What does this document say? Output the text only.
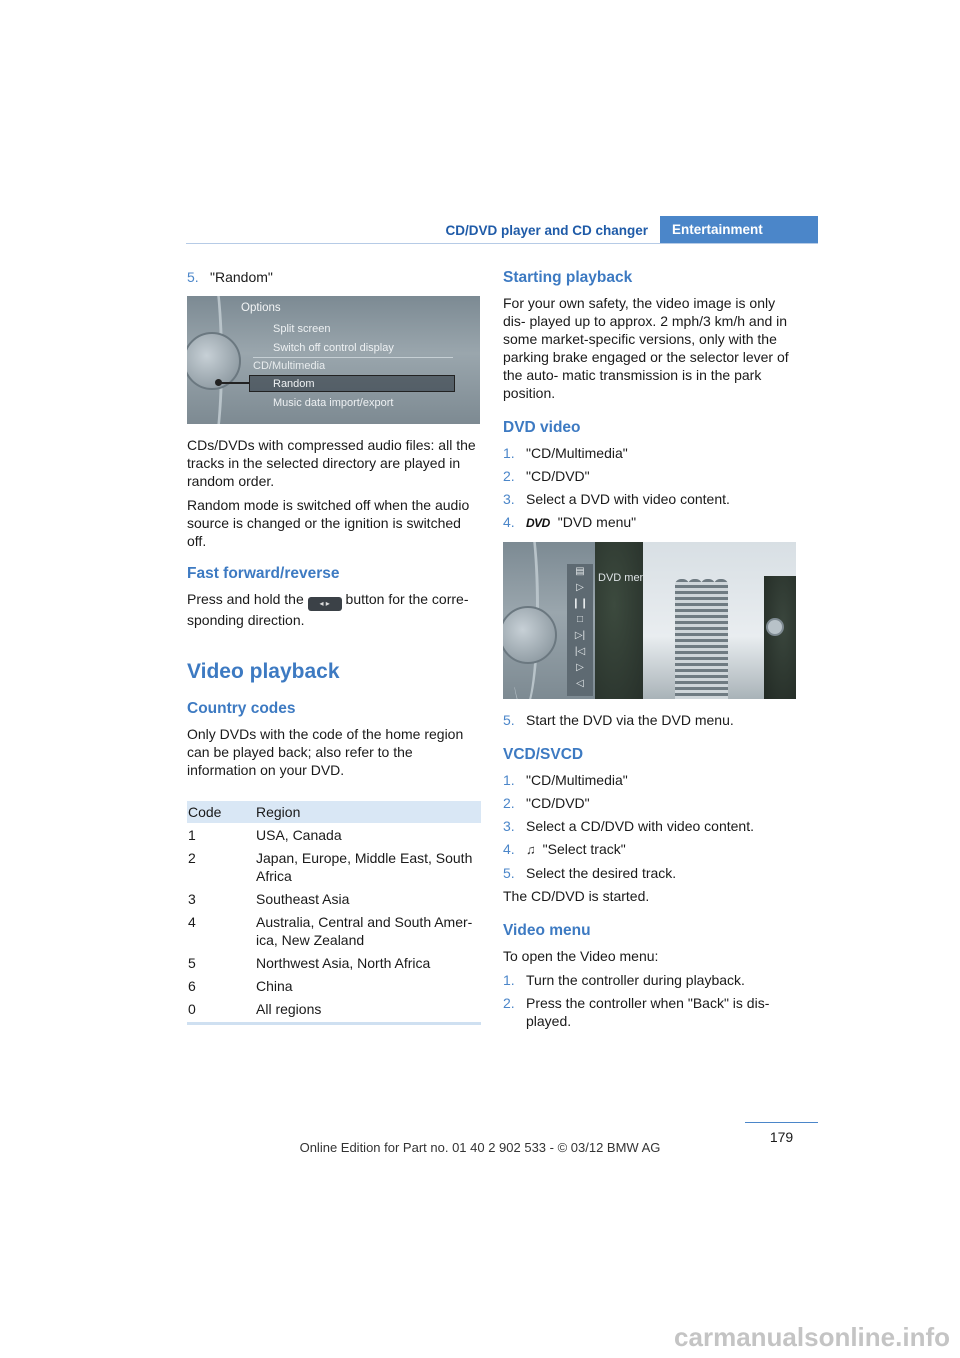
CD/DVD player and CD changer	Entertainment
5. "Random"
Options
Split screen
Switch off control display
CD/Multimedia
Random
Music data import/export

CDs/DVDs with compressed audio files: all the tracks in the selected directory are played in random order.

Random mode is switched off when the audio source is changed or the ignition is switched off.

Fast forward/reverse

Press and hold the ◂ ▸ button for the corre- sponding direction.

Video playback
Country codes

Only DVDs with the code of the home region can be played back; also refer to the information on your DVD.

Code	Region
1	USA, Canada
2	Japan, Europe, Middle East, South Africa
3	Southeast Asia
4	Australia, Central and South Amer- ica, New Zealand
5	Northwest Asia, North Africa
6	China
0	All regions
Starting playback

For your own safety, the video image is only dis- played up to approx. 2 mph/3 km/h and in some market-specific versions, only with the parking brake engaged or the selector lever of the auto- matic transmission is in the park position.

DVD video
1. "CD/Multimedia"
2. "CD/DVD"
3. Select a DVD with video content.
4. DVD "DVD menu"
▤
▷
❙❙
□
▷|
|◁
▷
◁
DVD menu
5. Start the DVD via the DVD menu.
VCD/SVCD
1. "CD/Multimedia"
2. "CD/DVD"
3. Select a CD/DVD with video content.
4. ♫ "Select track"
5. Select the desired track.

The CD/DVD is started.

Video menu

To open the Video menu:

1. Turn the controller during playback.
2. Press the controller when "Back" is dis- played.
179
Online Edition for Part no. 01 40 2 902 533 - © 03/12 BMW AG
carmanualsonline.info
